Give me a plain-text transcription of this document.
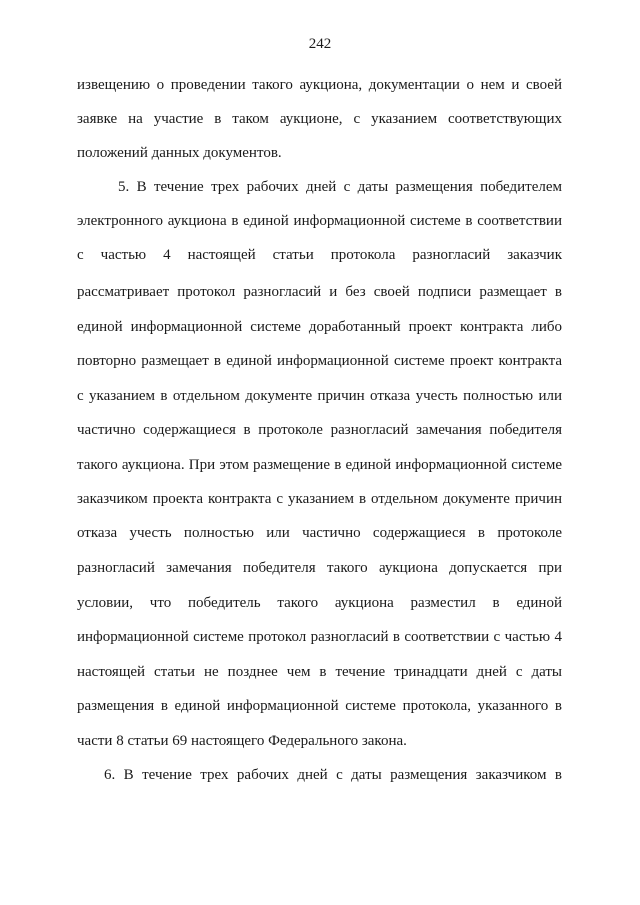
242
извещению о проведении такого аукциона, документации о нем и своей
заявке на участие в таком аукционе, с указанием соответствующих
положений данных документов.
5. В течение трех рабочих дней с даты размещения победителем
электронного аукциона в единой информационной системе в соответствии
с частью 4 настоящей статьи протокола разногласий заказчик
рассматривает протокол разногласий и без своей подписи размещает в
единой информационной системе доработанный проект контракта либо
повторно размещает в единой информационной системе проект контракта
с указанием в отдельном документе причин отказа учесть полностью или
частично содержащиеся в протоколе разногласий замечания победителя
такого аукциона. При этом размещение в единой информационной системе
заказчиком проекта контракта с указанием в отдельном документе причин
отказа учесть полностью или частично содержащиеся в протоколе
разногласий замечания победителя такого аукциона допускается при
условии, что победитель такого аукциона разместил в единой
информационной системе протокол разногласий в соответствии с частью 4
настоящей статьи не позднее чем в течение тринадцати дней с даты
размещения в единой информационной системе протокола, указанного в
части 8 статьи 69 настоящего Федерального закона.
6. В течение трех рабочих дней с даты размещения заказчиком в
